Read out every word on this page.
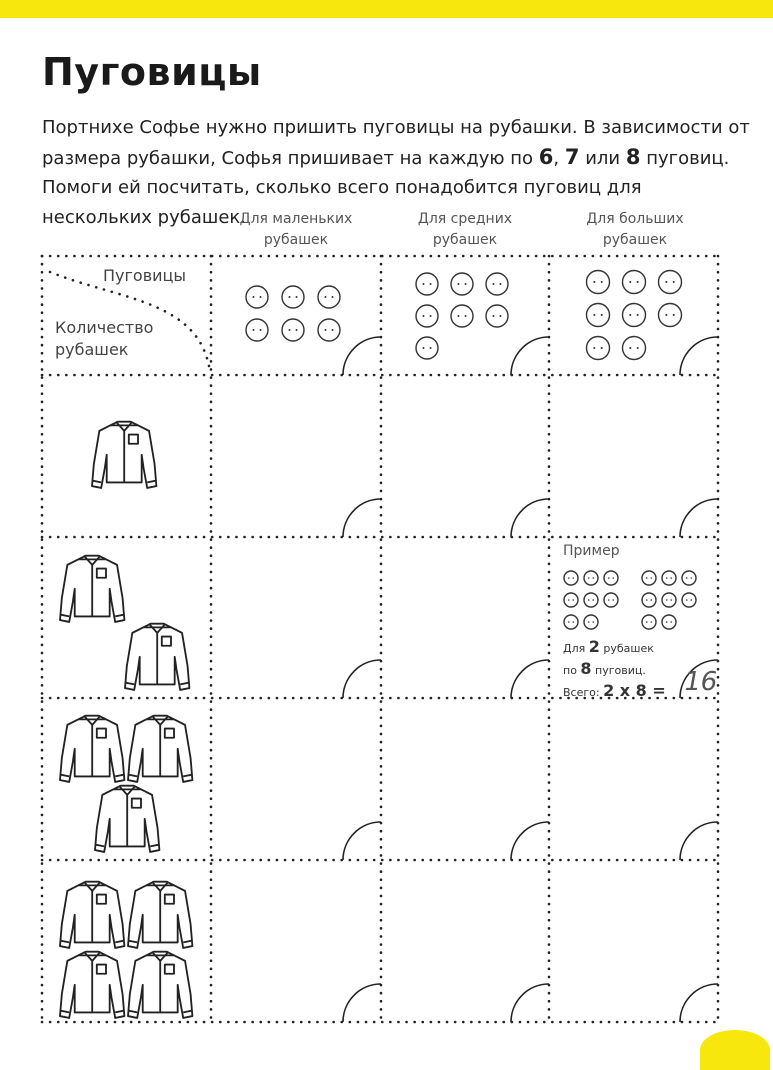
Пуговицы
Портнихе Софье нужно пришить пуговицы на рубашки. В зависимости от размера рубашки, Софья пришивает на каждую по 6, 7 или 8 пуговиц. Помоги ей посчитать, сколько всего понадобится пуговиц для нескольких рубашек.
Для маленьких
рубашек
Для средних
рубашек
Для больших
рубашек
Пуговицы
Количество
рубашек
Пример
Для 2 рубашек
по 8 пуговиц.
Всего: 2 x 8 = 16
